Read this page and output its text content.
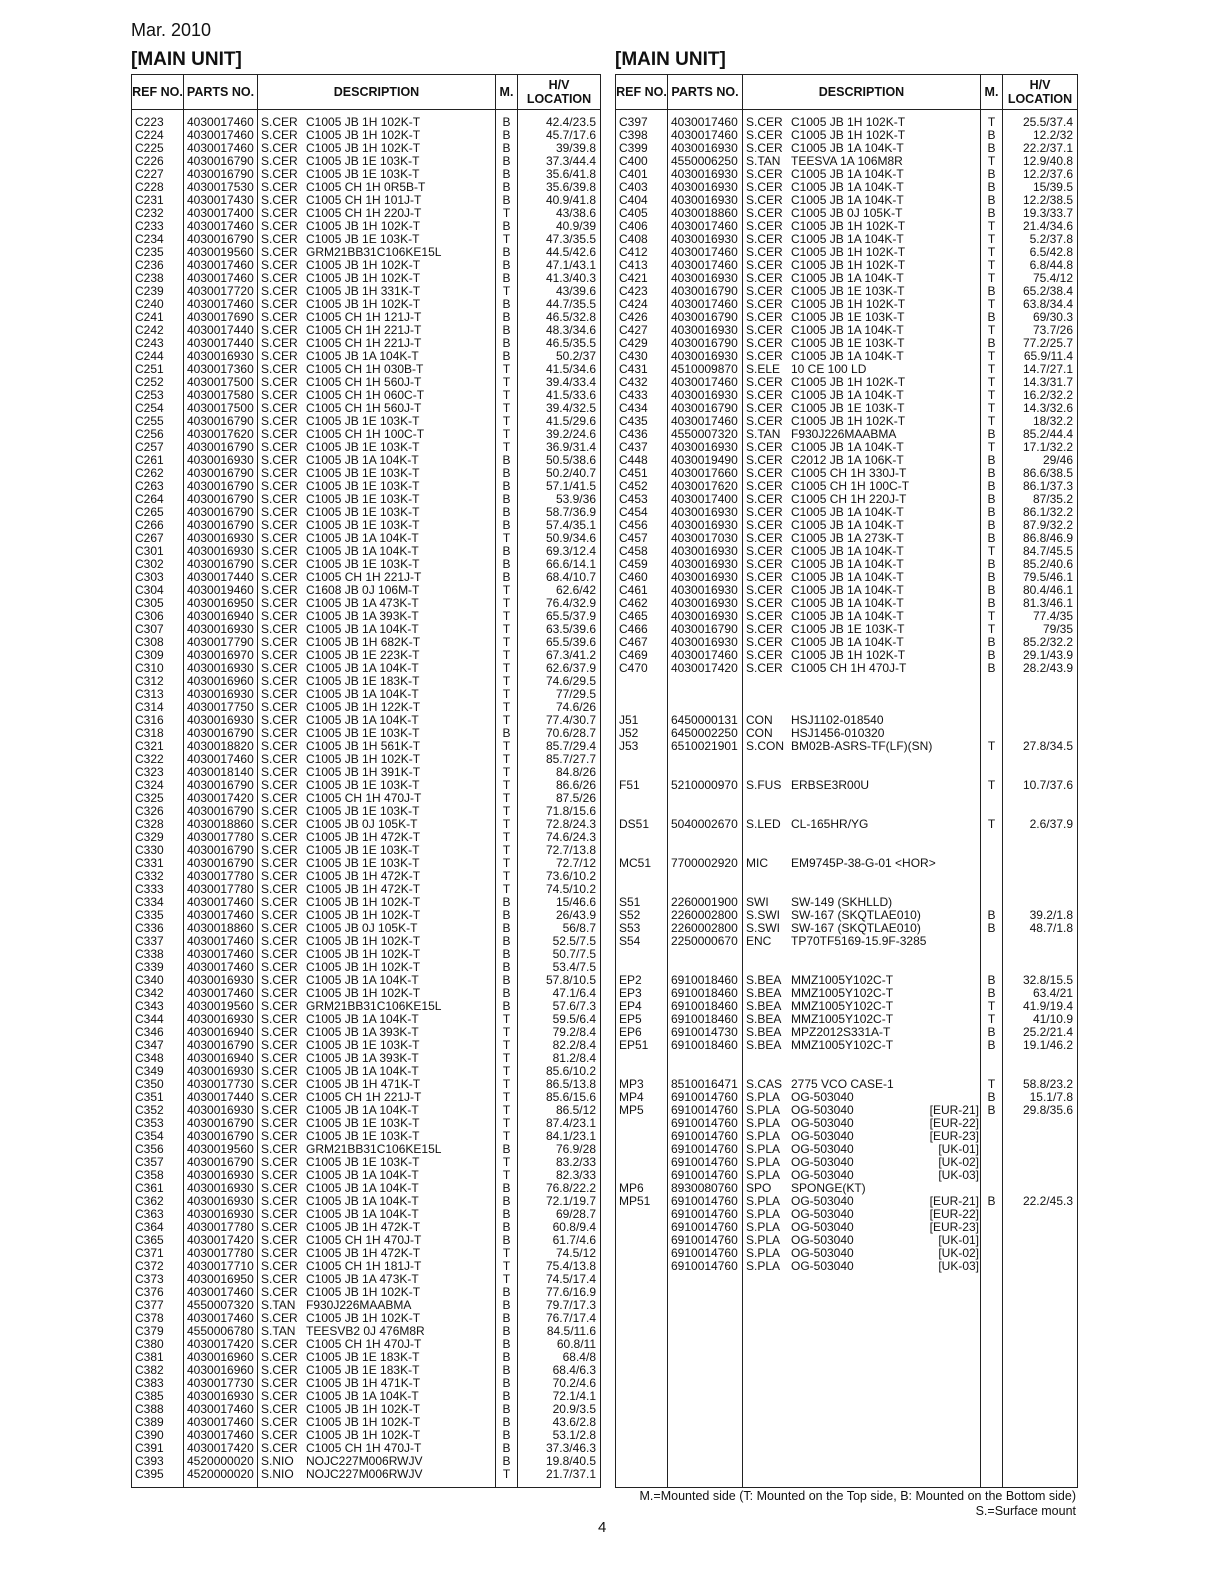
Mar. 2010
[MAIN UNIT]	[MAIN UNIT]
REF NO.	PARTS NO.	DESCRIPTION	M.	H/V LOCATION
C223	4030017460	S.CER C1005 JB 1H 102K-T	B	42.4/23.5
C224	4030017460	S.CER C1005 JB 1H 102K-T	B	45.7/17.6
C225	4030017460	S.CER C1005 JB 1H 102K-T	B	39/39.8
C226	4030016790	S.CER C1005 JB 1E 103K-T	B	37.3/44.4
C227	4030016790	S.CER C1005 JB 1E 103K-T	B	35.6/41.8
C228	4030017530	S.CER C1005 CH 1H 0R5B-T	B	35.6/39.8
C231	4030017430	S.CER C1005 CH 1H 101J-T	B	40.9/41.8
C232	4030017400	S.CER C1005 CH 1H 220J-T	T	43/38.6
C233	4030017460	S.CER C1005 JB 1H 102K-T	B	40.9/39
C234	4030016790	S.CER C1005 JB 1E 103K-T	T	47.3/35.5
C235	4030019560	S.CER GRM21BB31C106KE15L	B	44.5/42.6
C236	4030017460	S.CER C1005 JB 1H 102K-T	B	47.1/43.1
C238	4030017460	S.CER C1005 JB 1H 102K-T	B	41.3/40.3
C239	4030017720	S.CER C1005 JB 1H 331K-T	T	43/39.6
C240	4030017460	S.CER C1005 JB 1H 102K-T	B	44.7/35.5
C241	4030017690	S.CER C1005 CH 1H 121J-T	B	46.5/32.8
C242	4030017440	S.CER C1005 CH 1H 221J-T	B	48.3/34.6
C243	4030017440	S.CER C1005 CH 1H 221J-T	B	46.5/35.5
C244	4030016930	S.CER C1005 JB 1A 104K-T	B	50.2/37
C251	4030017360	S.CER C1005 CH 1H 030B-T	T	41.5/34.6
C252	4030017500	S.CER C1005 CH 1H 560J-T	T	39.4/33.4
C253	4030017580	S.CER C1005 CH 1H 060C-T	T	41.5/33.6
C254	4030017500	S.CER C1005 CH 1H 560J-T	T	39.4/32.5
C255	4030016790	S.CER C1005 JB 1E 103K-T	T	41.5/29.6
C256	4030017620	S.CER C1005 CH 1H 100C-T	T	39.2/24.6
C257	4030016790	S.CER C1005 JB 1E 103K-T	T	36.9/31.4
C261	4030016930	S.CER C1005 JB 1A 104K-T	B	50.5/38.6
C262	4030016790	S.CER C1005 JB 1E 103K-T	B	50.2/40.7
C263	4030016790	S.CER C1005 JB 1E 103K-T	B	57.1/41.5
C264	4030016790	S.CER C1005 JB 1E 103K-T	B	53.9/36
C265	4030016790	S.CER C1005 JB 1E 103K-T	B	58.7/36.9
C266	4030016790	S.CER C1005 JB 1E 103K-T	B	57.4/35.1
C267	4030016930	S.CER C1005 JB 1A 104K-T	T	50.9/34.6
C301	4030016930	S.CER C1005 JB 1A 104K-T	B	69.3/12.4
C302	4030016790	S.CER C1005 JB 1E 103K-T	B	66.6/14.1
C303	4030017440	S.CER C1005 CH 1H 221J-T	B	68.4/10.7
C304	4030019460	S.CER C1608 JB 0J 106M-T	T	62.6/42
C305	4030016950	S.CER C1005 JB 1A 473K-T	T	76.4/32.9
C306	4030016940	S.CER C1005 JB 1A 393K-T	T	65.5/37.9
C307	4030016930	S.CER C1005 JB 1A 104K-T	T	63.5/39.6
C308	4030017790	S.CER C1005 JB 1H 682K-T	T	65.5/39.6
C309	4030016970	S.CER C1005 JB 1E 223K-T	T	67.3/41.2
C310	4030016930	S.CER C1005 JB 1A 104K-T	T	62.6/37.9
C312	4030016960	S.CER C1005 JB 1E 183K-T	T	74.6/29.5
C313	4030016930	S.CER C1005 JB 1A 104K-T	T	77/29.5
C314	4030017750	S.CER C1005 JB 1H 122K-T	T	74.6/26
C316	4030016930	S.CER C1005 JB 1A 104K-T	T	77.4/30.7
C318	4030016790	S.CER C1005 JB 1E 103K-T	B	70.6/28.7
C321	4030018820	S.CER C1005 JB 1H 561K-T	T	85.7/29.4
C322	4030017460	S.CER C1005 JB 1H 102K-T	T	85.7/27.7
C323	4030018140	S.CER C1005 JB 1H 391K-T	T	84.8/26
C324	4030016790	S.CER C1005 JB 1E 103K-T	T	86.6/26
C325	4030017420	S.CER C1005 CH 1H 470J-T	T	87.5/26
C326	4030016790	S.CER C1005 JB 1E 103K-T	T	71.8/15.6
C328	4030018860	S.CER C1005 JB 0J 105K-T	T	72.8/24.3
C329	4030017780	S.CER C1005 JB 1H 472K-T	T	74.6/24.3
C330	4030016790	S.CER C1005 JB 1E 103K-T	T	72.7/13.8
C331	4030016790	S.CER C1005 JB 1E 103K-T	T	72.7/12
C332	4030017780	S.CER C1005 JB 1H 472K-T	T	73.6/10.2
C333	4030017780	S.CER C1005 JB 1H 472K-T	T	74.5/10.2
C334	4030017460	S.CER C1005 JB 1H 102K-T	B	15/46.6
C335	4030017460	S.CER C1005 JB 1H 102K-T	B	26/43.9
C336	4030018860	S.CER C1005 JB 0J 105K-T	B	56/8.7
C337	4030017460	S.CER C1005 JB 1H 102K-T	B	52.5/7.5
C338	4030017460	S.CER C1005 JB 1H 102K-T	B	50.7/7.5
C339	4030017460	S.CER C1005 JB 1H 102K-T	B	53.4/7.5
C340	4030016930	S.CER C1005 JB 1A 104K-T	B	57.8/10.5
C342	4030017460	S.CER C1005 JB 1H 102K-T	B	47.1/6.4
C343	4030019560	S.CER GRM21BB31C106KE15L	B	57.6/7.3
C344	4030016930	S.CER C1005 JB 1A 104K-T	T	59.5/6.4
C346	4030016940	S.CER C1005 JB 1A 393K-T	T	79.2/8.4
C347	4030016790	S.CER C1005 JB 1E 103K-T	T	82.2/8.4
C348	4030016940	S.CER C1005 JB 1A 393K-T	T	81.2/8.4
C349	4030016930	S.CER C1005 JB 1A 104K-T	T	85.6/10.2
C350	4030017730	S.CER C1005 JB 1H 471K-T	T	86.5/13.8
C351	4030017440	S.CER C1005 CH 1H 221J-T	T	85.6/15.6
C352	4030016930	S.CER C1005 JB 1A 104K-T	T	86.5/12
C353	4030016790	S.CER C1005 JB 1E 103K-T	T	87.4/23.1
C354	4030016790	S.CER C1005 JB 1E 103K-T	T	84.1/23.1
C356	4030019560	S.CER GRM21BB31C106KE15L	B	76.9/28
C357	4030016790	S.CER C1005 JB 1E 103K-T	T	83.2/33
C358	4030016930	S.CER C1005 JB 1A 104K-T	T	82.3/33
C361	4030016930	S.CER C1005 JB 1A 104K-T	B	76.8/22.2
C362	4030016930	S.CER C1005 JB 1A 104K-T	B	72.1/19.7
C363	4030016930	S.CER C1005 JB 1A 104K-T	B	69/28.7
C364	4030017780	S.CER C1005 JB 1H 472K-T	B	60.8/9.4
C365	4030017420	S.CER C1005 CH 1H 470J-T	B	61.7/4.6
C371	4030017780	S.CER C1005 JB 1H 472K-T	T	74.5/12
C372	4030017710	S.CER C1005 CH 1H 181J-T	T	75.4/13.8
C373	4030016950	S.CER C1005 JB 1A 473K-T	T	74.5/17.4
C376	4030017460	S.CER C1005 JB 1H 102K-T	B	77.6/16.9
C377	4550007320	S.TAN F930J226MAABMA	B	79.7/17.3
C378	4030017460	S.CER C1005 JB 1H 102K-T	B	76.7/17.4
C379	4550006780	S.TAN TEESVB2 0J 476M8R	B	84.5/11.6
C380	4030017420	S.CER C1005 CH 1H 470J-T	B	60.8/11
C381	4030016960	S.CER C1005 JB 1E 183K-T	B	68.4/8
C382	4030016960	S.CER C1005 JB 1E 183K-T	B	68.4/6.3
C383	4030017730	S.CER C1005 JB 1H 471K-T	B	70.2/4.6
C385	4030016930	S.CER C1005 JB 1A 104K-T	B	72.1/4.1
C388	4030017460	S.CER C1005 JB 1H 102K-T	B	20.9/3.5
C389	4030017460	S.CER C1005 JB 1H 102K-T	B	43.6/2.8
C390	4030017460	S.CER C1005 JB 1H 102K-T	B	53.1/2.8
C391	4030017420	S.CER C1005 CH 1H 470J-T	B	37.3/46.3
C393	4520000020	S.NIO NOJC227M006RWJV	B	19.8/40.5
C395	4520000020	S.NIO NOJC227M006RWJV	T	21.7/37.1

REF NO.	PARTS NO.	DESCRIPTION	M.	H/V LOCATION
C397	4030017460	S.CER C1005 JB 1H 102K-T	T	25.5/37.4
C398	4030017460	S.CER C1005 JB 1H 102K-T	B	12.2/32
C399	4030016930	S.CER C1005 JB 1A 104K-T	B	22.2/37.1
C400	4550006250	S.TAN TEESVA 1A 106M8R	T	12.9/40.8
C401	4030016930	S.CER C1005 JB 1A 104K-T	B	12.2/37.6
C403	4030016930	S.CER C1005 JB 1A 104K-T	B	15/39.5
C404	4030016930	S.CER C1005 JB 1A 104K-T	B	12.2/38.5
C405	4030018860	S.CER C1005 JB 0J 105K-T	B	19.3/33.7
C406	4030017460	S.CER C1005 JB 1H 102K-T	T	21.4/34.6
C408	4030016930	S.CER C1005 JB 1A 104K-T	T	5.2/37.8
C412	4030017460	S.CER C1005 JB 1H 102K-T	T	6.5/42.8
C413	4030017460	S.CER C1005 JB 1H 102K-T	T	6.8/44.8
C421	4030016930	S.CER C1005 JB 1A 104K-T	T	75.4/12
C423	4030016790	S.CER C1005 JB 1E 103K-T	B	65.2/38.4
C424	4030017460	S.CER C1005 JB 1H 102K-T	T	63.8/34.4
C426	4030016790	S.CER C1005 JB 1E 103K-T	B	69/30.3
C427	4030016930	S.CER C1005 JB 1A 104K-T	T	73.7/26
C429	4030016790	S.CER C1005 JB 1E 103K-T	B	77.2/25.7
C430	4030016930	S.CER C1005 JB 1A 104K-T	T	65.9/11.4
C431	4510009870	S.ELE 10 CE 100 LD	T	14.7/27.1
C432	4030017460	S.CER C1005 JB 1H 102K-T	T	14.3/31.7
C433	4030016930	S.CER C1005 JB 1A 104K-T	T	16.2/32.2
C434	4030016790	S.CER C1005 JB 1E 103K-T	T	14.3/32.6
C435	4030017460	S.CER C1005 JB 1H 102K-T	T	18/32.2
C436	4550007320	S.TAN F930J226MAABMA	B	85.2/44.4
C437	4030016930	S.CER C1005 JB 1A 104K-T	T	17.1/32.2
C448	4030019490	S.CER C2012 JB 1A 106K-T	B	29/46
C451	4030017660	S.CER C1005 CH 1H 330J-T	B	86.6/38.5
C452	4030017620	S.CER C1005 CH 1H 100C-T	B	86.1/37.3
C453	4030017400	S.CER C1005 CH 1H 220J-T	B	87/35.2
C454	4030016930	S.CER C1005 JB 1A 104K-T	B	86.1/32.2
C456	4030016930	S.CER C1005 JB 1A 104K-T	B	87.9/32.2
C457	4030017030	S.CER C1005 JB 1A 273K-T	B	86.8/46.9
C458	4030016930	S.CER C1005 JB 1A 104K-T	T	84.7/45.5
C459	4030016930	S.CER C1005 JB 1A 104K-T	B	85.2/40.6
C460	4030016930	S.CER C1005 JB 1A 104K-T	B	79.5/46.1
C461	4030016930	S.CER C1005 JB 1A 104K-T	B	80.4/46.1
C462	4030016930	S.CER C1005 JB 1A 104K-T	B	81.3/46.1
C465	4030016930	S.CER C1005 JB 1A 104K-T	T	77.4/35
C466	4030016790	S.CER C1005 JB 1E 103K-T	T	79/35
C467	4030016930	S.CER C1005 JB 1A 104K-T	B	85.2/32.2
C469	4030017460	S.CER C1005 JB 1H 102K-T	B	29.1/43.9
C470	4030017420	S.CER C1005 CH 1H 470J-T	B	28.2/43.9

J51	6450000131	CON HSJ1102-018540		
J52	6450002250	CON HSJ1456-010320		
J53	6510021901	S.CON BM02B-ASRS-TF(LF)(SN)	T	27.8/34.5

F51	5210000970	S.FUS ERBSE3R00U	T	10.7/37.6

DS51	5040002670	S.LED CL-165HR/YG	T	2.6/37.9

MC51	7700002920	MIC EM9745P-38-G-01 <HOR>		

S51	2260001900	SWI SW-149 (SKHLLD)		
S52	2260002800	S.SWI SW-167 (SKQTLAE010)	B	39.2/1.8
S53	2260002800	S.SWI SW-167 (SKQTLAE010)	B	48.7/1.8
S54	2250000670	ENC TP70TF5169-15.9F-3285		

EP2	6910018460	S.BEA MMZ1005Y102C-T	B	32.8/15.5
EP3	6910018460	S.BEA MMZ1005Y102C-T	B	63.4/21
EP4	6910018460	S.BEA MMZ1005Y102C-T	T	41.9/19.4
EP5	6910018460	S.BEA MMZ1005Y102C-T	T	41/10.9
EP6	6910014730	S.BEA MPZ2012S331A-T	B	25.2/21.4
EP51	6910018460	S.BEA MMZ1005Y102C-T	B	19.1/46.2

MP3	8510016471	S.CAS 2775 VCO CASE-1	T	58.8/23.2
MP4	6910014760	S.PLA OG-503040	B	15.1/7.8
MP5	6910014760	S.PLA OG-503040 [EUR-21]	B	29.8/35.6
	6910014760	S.PLA OG-503040 [EUR-22]		

	6910014760	S.PLA OG-503040 [EUR-23]		

	6910014760	S.PLA OG-503040 [UK-01]		

	6910014760	S.PLA OG-503040 [UK-02]		

	6910014760	S.PLA OG-503040 [UK-03]		

MP6	8930080760	SPO SPONGE(KT)		
MP51	6910014760	S.PLA OG-503040 [EUR-21]	B	22.2/45.3
	6910014760	S.PLA OG-503040 [EUR-22]		

	6910014760	S.PLA OG-503040 [EUR-23]		

	6910014760	S.PLA OG-503040 [UK-01]		

	6910014760	S.PLA OG-503040 [UK-02]		

	6910014760	S.PLA OG-503040 [UK-03]		

M.=Mounted side (T: Mounted on the Top side, B: Mounted on the Bottom side)
S.=Surface mount
4
